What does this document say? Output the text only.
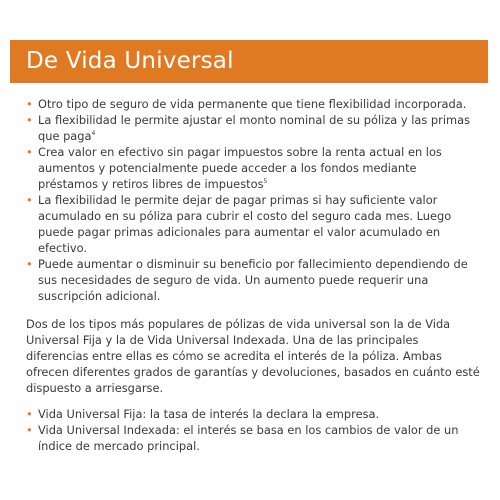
De Vida Universal
• Otro tipo de seguro de vida permanente que tiene flexibilidad incorporada.
• La flexibilidad le permite ajustar el monto nominal de su póliza y las primas que paga$^4$
• Crea valor en efectivo sin pagar impuestos sobre la renta actual en los aumentos y potencialmente puede acceder a los fondos mediante préstamos y retiros libres de impuestos$^5$
• La flexibilidad le permite dejar de pagar primas si hay suficiente valor acumulado en su póliza para cubrir el costo del seguro cada mes. Luego puede pagar primas adicionales para aumentar el valor acumulado en efectivo.
• Puede aumentar o disminuir su beneficio por fallecimiento dependiendo de sus necesidades de seguro de vida. Un aumento puede requerir una suscripción adicional.

Dos de los tipos más populares de pólizas de vida universal son la de Vida Universal Fija y la de Vida Universal Indexada. Una de las principales diferencias entre ellas es cómo se acredita el interés de la póliza. Ambas ofrecen diferentes grados de garantías y devoluciones, basados en cuánto esté dispuesto a arriesgarse.

• Vida Universal Fija: la tasa de interés la declara la empresa.
• Vida Universal Indexada: el interés se basa en los cambios de valor de un índice de mercado principal.
